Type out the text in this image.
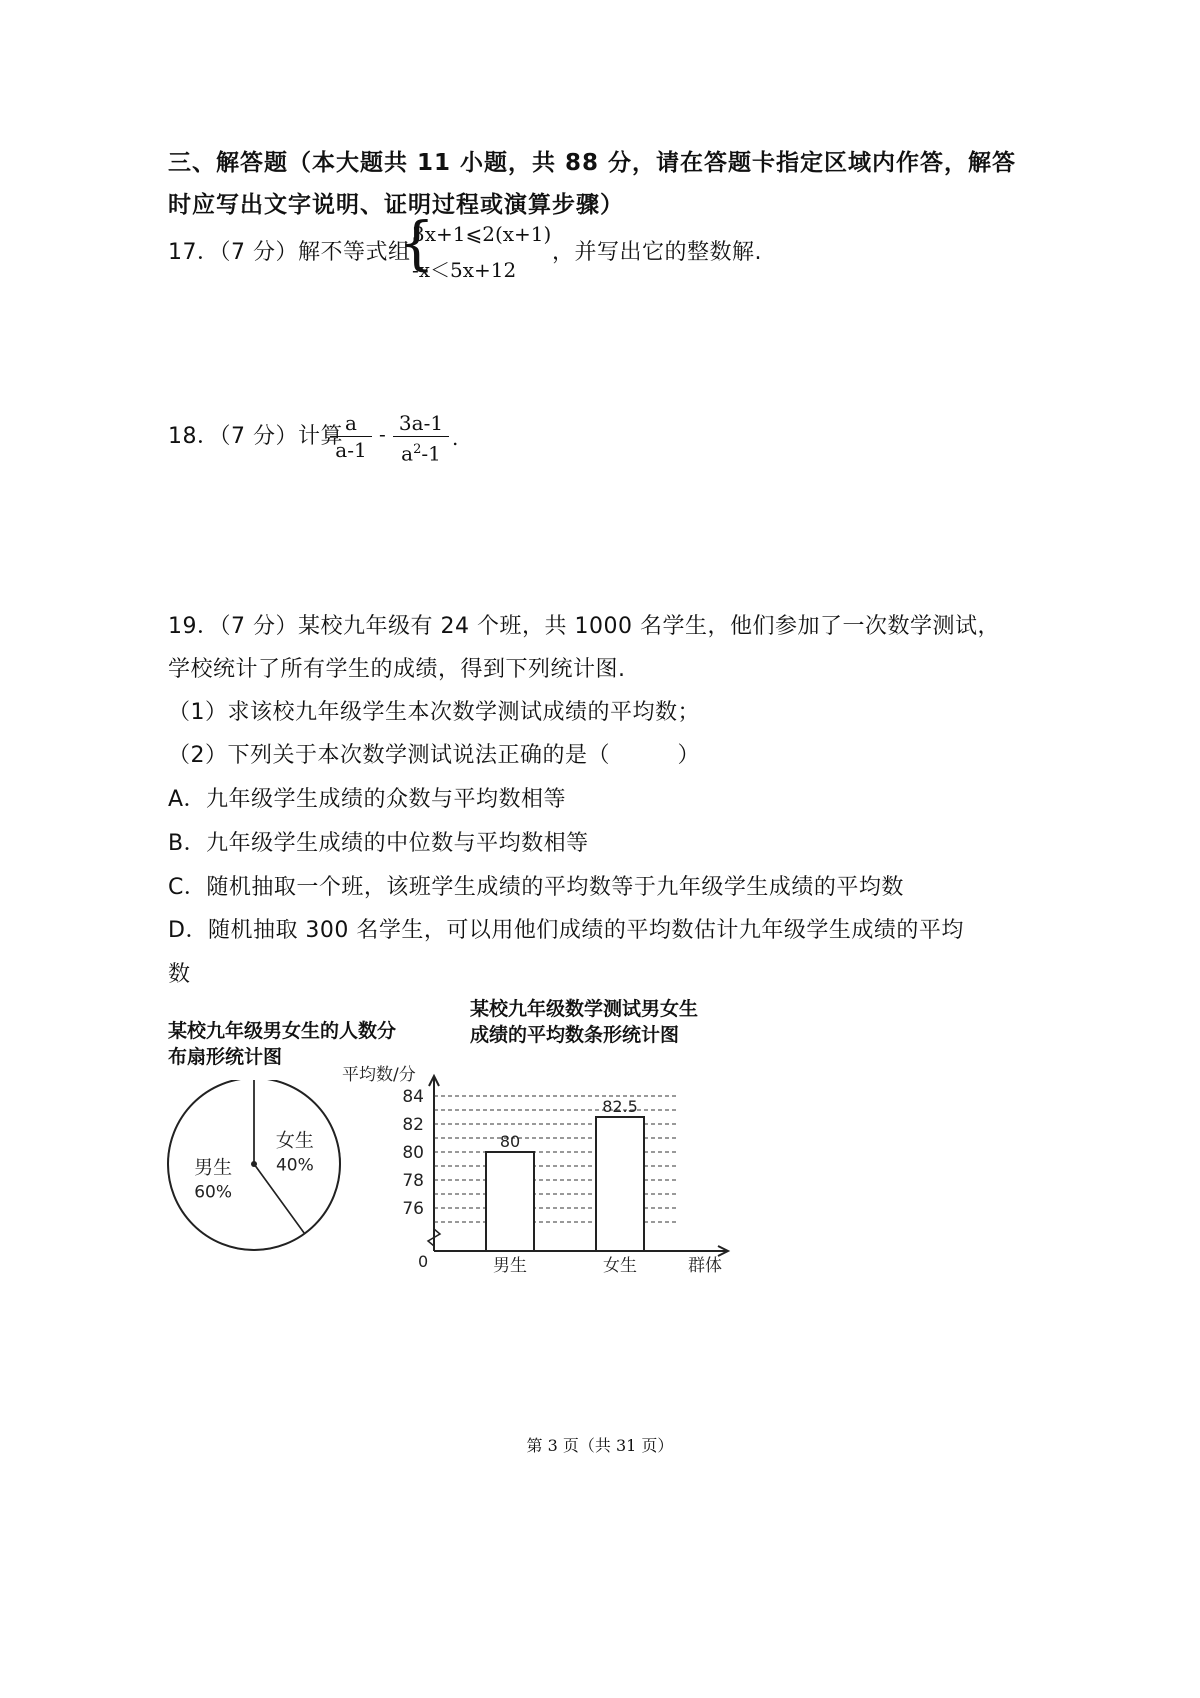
三、解答题（本大题共 11 小题，共 88 分，请在答题卡指定区域内作答，解答
时应写出文字说明、证明过程或演算步骤）
17．（7 分）解不等式组
{
3x+1⩽2(x+1)
-x＜5x+12
，并写出它的整数解.
18．（7 分）计算
a
a-1
- 3a-1
$a^2-1$
.
19．（7 分）某校九年级有 24 个班，共 1000 名学生，他们参加了一次数学测试，
学校统计了所有学生的成绩，得到下列统计图.
（1）求该校九年级学生本次数学测试成绩的平均数；
（2）下列关于本次数学测试说法正确的是（　　　）
A．九年级学生成绩的众数与平均数相等
B．九年级学生成绩的中位数与平均数相等
C．随机抽取一个班，该班学生成绩的平均数等于九年级学生成绩的平均数
D．随机抽取 300 名学生，可以用他们成绩的平均数估计九年级学生成绩的平均
数
某校九年级男女生的人数分布扇形统计图
男生
60%
女生
40%
某校九年级数学测试男女生成绩的平均数条形统计图
平均数/分
0	群体
76
78
80
82
84
80
男生
82.5
女生
第 3 页（共 31 页）
